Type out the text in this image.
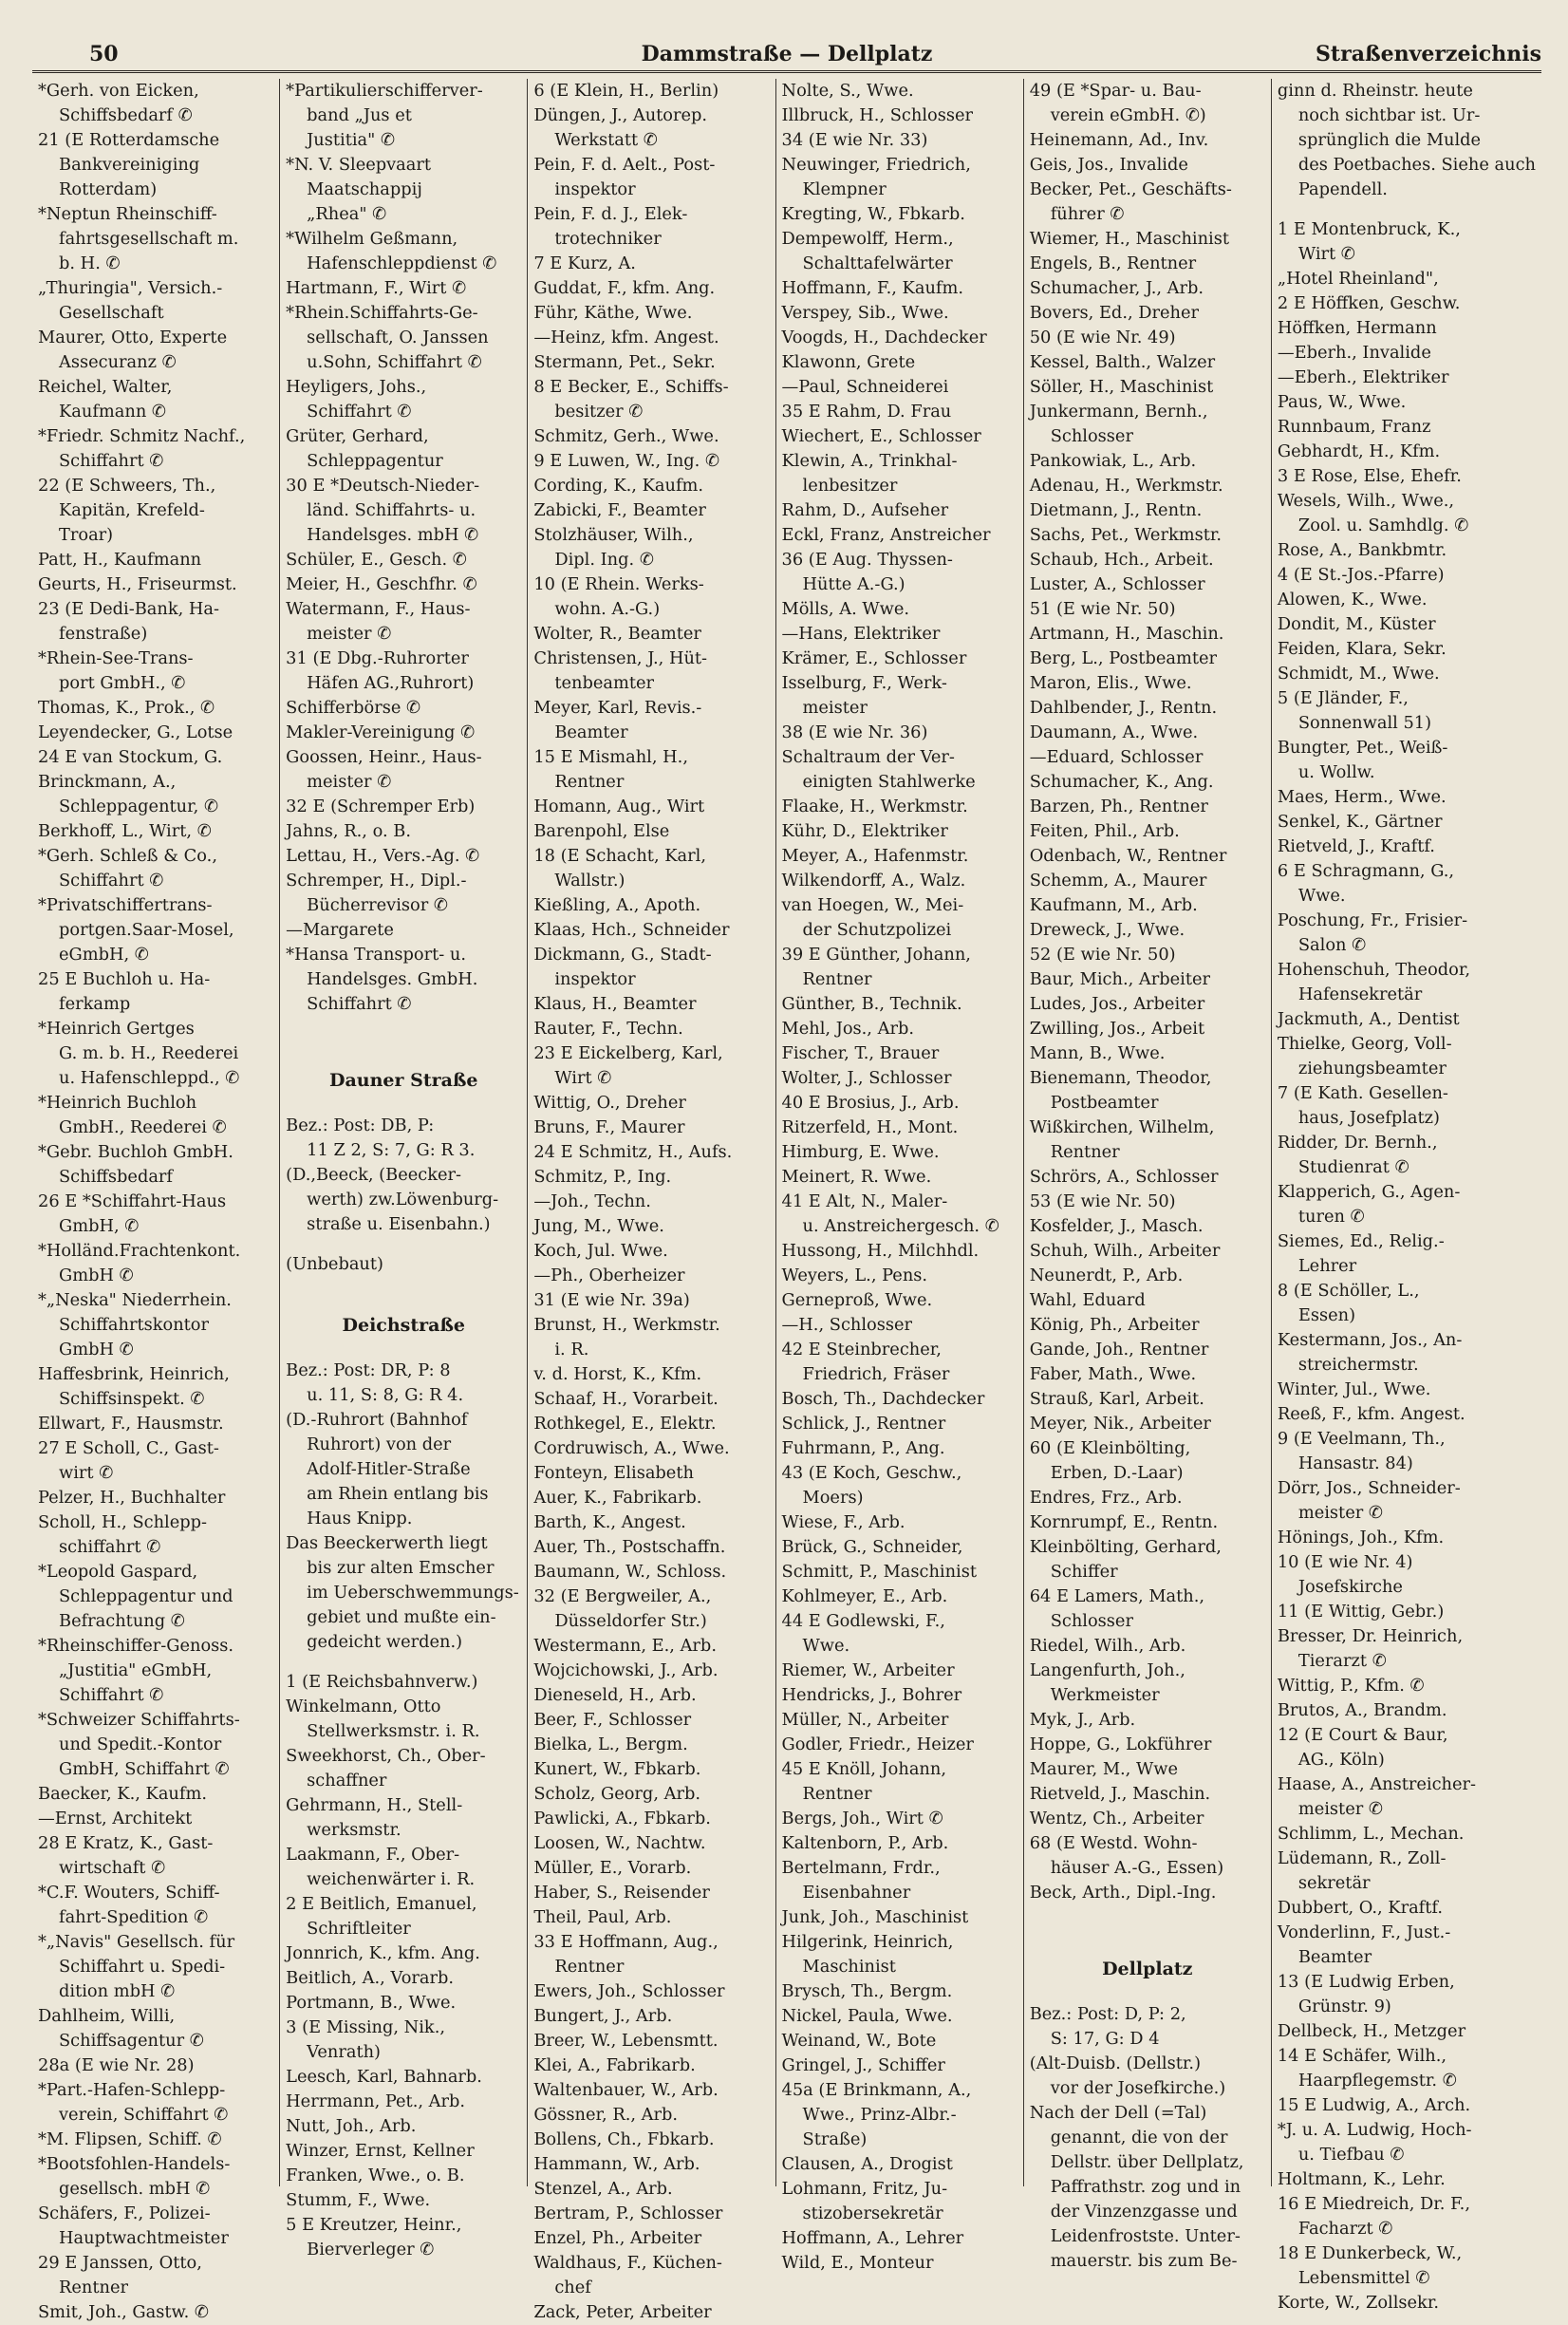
50	Dammstraße — Dellplatz	Straßenverzeichnis
*Gerh. von Eicken,
Schiffsbedarf ✆
21 (E Rotterdamsche
Bankvereiniging
Rotterdam)
*Neptun Rheinschiff-
fahrtsgesellschaft m.
b. H. ✆
„Thuringia", Versich.-
Gesellschaft
Maurer, Otto, Experte
Assecuranz ✆
Reichel, Walter,
Kaufmann ✆
*Friedr. Schmitz Nachf.,
Schiffahrt ✆
22 (E Schweers, Th.,
Kapitän, Krefeld-
Troar)
Patt, H., Kaufmann
Geurts, H., Friseurmst.
23 (E Dedi-Bank, Ha-
fenstraße)
*Rhein-See-Trans-
port GmbH., ✆
Thomas, K., Prok., ✆
Leyendecker, G., Lotse
24 E van Stockum, G.
Brinckmann, A.,
Schleppagentur, ✆
Berkhoff, L., Wirt, ✆
*Gerh. Schleß & Co.,
Schiffahrt ✆
*Privatschiffertrans-
portgen.Saar-Mosel,
eGmbH, ✆
25 E Buchloh u. Ha-
ferkamp
*Heinrich Gertges
G. m. b. H., Reederei
u. Hafenschleppd., ✆
*Heinrich Buchloh
GmbH., Reederei ✆
*Gebr. Buchloh GmbH.
Schiffsbedarf
26 E *Schiffahrt-Haus
GmbH, ✆
*Holländ.Frachtenkont.
GmbH ✆
*„Neska" Niederrhein.
Schiffahrtskontor
GmbH ✆
Haffesbrink, Heinrich,
Schiffsinspekt. ✆
Ellwart, F., Hausmstr.
27 E Scholl, C., Gast-
wirt ✆
Pelzer, H., Buchhalter
Scholl, H., Schlepp-
schiffahrt ✆
*Leopold Gaspard,
Schleppagentur und
Befrachtung ✆
*Rheinschiffer-Genoss.
„Justitia" eGmbH,
Schiffahrt ✆
*Schweizer Schiffahrts-
und Spedit.-Kontor
GmbH, Schiffahrt ✆
Baecker, K., Kaufm.
—Ernst, Architekt
28 E Kratz, K., Gast-
wirtschaft ✆
*C.F. Wouters, Schiff-
fahrt-Spedition ✆
*„Navis" Gesellsch. für
Schiffahrt u. Spedi-
dition mbH ✆
Dahlheim, Willi,
Schiffsagentur ✆
28a (E wie Nr. 28)
*Part.-Hafen-Schlepp-
verein, Schiffahrt ✆
*M. Flipsen, Schiff. ✆
*Bootsfohlen-Handels-
gesellsch. mbH ✆
Schäfers, F., Polizei-
Hauptwachtmeister
29 E Janssen, Otto,
Rentner
Smit, Joh., Gastw. ✆
*Partikulierschifferver-
band „Jus et
Justitia" ✆
*N. V. Sleepvaart
Maatschappij
„Rhea" ✆
*Wilhelm Geßmann,
Hafenschleppdienst ✆
Hartmann, F., Wirt ✆
*Rhein.Schiffahrts-Ge-
sellschaft, O. Janssen
u.Sohn, Schiffahrt ✆
Heyligers, Johs.,
Schiffahrt ✆
Grüter, Gerhard,
Schleppagentur
30 E *Deutsch-Nieder-
länd. Schiffahrts- u.
Handelsges. mbH ✆
Schüler, E., Gesch. ✆
Meier, H., Geschfhr. ✆
Watermann, F., Haus-
meister ✆
31 (E Dbg.-Ruhrorter
Häfen AG.,Ruhrort)
Schifferbörse ✆
Makler-Vereinigung ✆
Goossen, Heinr., Haus-
meister ✆
32 E (Schremper Erb)
Jahns, R., o. B.
Lettau, H., Vers.-Ag. ✆
Schremper, H., Dipl.-
Bücherrevisor ✆
—Margarete
*Hansa Transport- u.
Handelsges. GmbH.
Schiffahrt ✆
Dauner Straße
Bez.: Post: DB, P:
11 Z 2, S: 7, G: R 3.
(D.,Beeck, (Beecker-
werth) zw.Löwenburg-
straße u. Eisenbahn.)
(Unbebaut)
Deichstraße
Bez.: Post: DR, P: 8
u. 11, S: 8, G: R 4.
(D.-Ruhrort (Bahnhof
Ruhrort) von der
Adolf-Hitler-Straße
am Rhein entlang bis
Haus Knipp.
Das Beeckerwerth liegt
bis zur alten Emscher
im Ueberschwemmungs-
gebiet und mußte ein-
gedeicht werden.)
1 (E Reichsbahnverw.)
Winkelmann, Otto
Stellwerksmstr. i. R.
Sweekhorst, Ch., Ober-
schaffner
Gehrmann, H., Stell-
werksmstr.
Laakmann, F., Ober-
weichenwärter i. R.
2 E Beitlich, Emanuel,
Schriftleiter
Jonnrich, K., kfm. Ang.
Beitlich, A., Vorarb.
Portmann, B., Wwe.
3 (E Missing, Nik.,
Venrath)
Leesch, Karl, Bahnarb.
Herrmann, Pet., Arb.
Nutt, Joh., Arb.
Winzer, Ernst, Kellner
Franken, Wwe., o. B.
Stumm, F., Wwe.
5 E Kreutzer, Heinr.,
Bierverleger ✆
6 (E Klein, H., Berlin)
Düngen, J., Autorep.
Werkstatt ✆
Pein, F. d. Aelt., Post-
inspektor
Pein, F. d. J., Elek-
trotechniker
7 E Kurz, A.
Guddat, F., kfm. Ang.
Führ, Käthe, Wwe.
—Heinz, kfm. Angest.
Stermann, Pet., Sekr.
8 E Becker, E., Schiffs-
besitzer ✆
Schmitz, Gerh., Wwe.
9 E Luwen, W., Ing. ✆
Cording, K., Kaufm.
Zabicki, F., Beamter
Stolzhäuser, Wilh.,
Dipl. Ing. ✆
10 (E Rhein. Werks-
wohn. A.-G.)
Wolter, R., Beamter
Christensen, J., Hüt-
tenbeamter
Meyer, Karl, Revis.-
Beamter
15 E Mismahl, H.,
Rentner
Homann, Aug., Wirt
Barenpohl, Else
18 (E Schacht, Karl,
Wallstr.)
Kießling, A., Apoth.
Klaas, Hch., Schneider
Dickmann, G., Stadt-
inspektor
Klaus, H., Beamter
Rauter, F., Techn.
23 E Eickelberg, Karl,
Wirt ✆
Wittig, O., Dreher
Bruns, F., Maurer
24 E Schmitz, H., Aufs.
Schmitz, P., Ing.
—Joh., Techn.
Jung, M., Wwe.
Koch, Jul. Wwe.
—Ph., Oberheizer
31 (E wie Nr. 39a)
Brunst, H., Werkmstr.
i. R.
v. d. Horst, K., Kfm.
Schaaf, H., Vorarbeit.
Rothkegel, E., Elektr.
Cordruwisch, A., Wwe.
Fonteyn, Elisabeth
Auer, K., Fabrikarb.
Barth, K., Angest.
Auer, Th., Postschaffn.
Baumann, W., Schloss.
32 (E Bergweiler, A.,
Düsseldorfer Str.)
Westermann, E., Arb.
Wojcichowski, J., Arb.
Dieneseld, H., Arb.
Beer, F., Schlosser
Bielka, L., Bergm.
Kunert, W., Fbkarb.
Scholz, Georg, Arb.
Pawlicki, A., Fbkarb.
Loosen, W., Nachtw.
Müller, E., Vorarb.
Haber, S., Reisender
Theil, Paul, Arb.
33 E Hoffmann, Aug.,
Rentner
Ewers, Joh., Schlosser
Bungert, J., Arb.
Breer, W., Lebensmtt.
Klei, A., Fabrikarb.
Waltenbauer, W., Arb.
Gössner, R., Arb.
Bollens, Ch., Fbkarb.
Hammann, W., Arb.
Stenzel, A., Arb.
Bertram, P., Schlosser
Enzel, Ph., Arbeiter
Waldhaus, F., Küchen-
chef
Zack, Peter, Arbeiter
Nolte, S., Wwe.
Illbruck, H., Schlosser
34 (E wie Nr. 33)
Neuwinger, Friedrich,
Klempner
Kregting, W., Fbkarb.
Dempewolff, Herm.,
Schalttafelwärter
Hoffmann, F., Kaufm.
Verspey, Sib., Wwe.
Voogds, H., Dachdecker
Klawonn, Grete
—Paul, Schneiderei
35 E Rahm, D. Frau
Wiechert, E., Schlosser
Klewin, A., Trinkhal-
lenbesitzer
Rahm, D., Aufseher
Eckl, Franz, Anstreicher
36 (E Aug. Thyssen-
Hütte A.-G.)
Mölls, A. Wwe.
—Hans, Elektriker
Krämer, E., Schlosser
Isselburg, F., Werk-
meister
38 (E wie Nr. 36)
Schaltraum der Ver-
einigten Stahlwerke
Flaake, H., Werkmstr.
Kühr, D., Elektriker
Meyer, A., Hafenmstr.
Wilkendorff, A., Walz.
van Hoegen, W., Mei-
der Schutzpolizei
39 E Günther, Johann,
Rentner
Günther, B., Technik.
Mehl, Jos., Arb.
Fischer, T., Brauer
Wolter, J., Schlosser
40 E Brosius, J., Arb.
Ritzerfeld, H., Mont.
Himburg, E. Wwe.
Meinert, R. Wwe.
41 E Alt, N., Maler-
u. Anstreichergesch. ✆
Hussong, H., Milchhdl.
Weyers, L., Pens.
Gerneproß, Wwe.
—H., Schlosser
42 E Steinbrecher,
Friedrich, Fräser
Bosch, Th., Dachdecker
Schlick, J., Rentner
Fuhrmann, P., Ang.
43 (E Koch, Geschw.,
Moers)
Wiese, F., Arb.
Brück, G., Schneider,
Schmitt, P., Maschinist
Kohlmeyer, E., Arb.
44 E Godlewski, F.,
Wwe.
Riemer, W., Arbeiter
Hendricks, J., Bohrer
Müller, N., Arbeiter
Godler, Friedr., Heizer
45 E Knöll, Johann,
Rentner
Bergs, Joh., Wirt ✆
Kaltenborn, P., Arb.
Bertelmann, Frdr.,
Eisenbahner
Junk, Joh., Maschinist
Hilgerink, Heinrich,
Maschinist
Brysch, Th., Bergm.
Nickel, Paula, Wwe.
Weinand, W., Bote
Gringel, J., Schiffer
45a (E Brinkmann, A.,
Wwe., Prinz-Albr.-
Straße)
Clausen, A., Drogist
Lohmann, Fritz, Ju-
stizobersekretär
Hoffmann, A., Lehrer
Wild, E., Monteur
49 (E *Spar- u. Bau-
verein eGmbH. ✆)
Heinemann, Ad., Inv.
Geis, Jos., Invalide
Becker, Pet., Geschäfts-
führer ✆
Wiemer, H., Maschinist
Engels, B., Rentner
Schumacher, J., Arb.
Bovers, Ed., Dreher
50 (E wie Nr. 49)
Kessel, Balth., Walzer
Söller, H., Maschinist
Junkermann, Bernh.,
Schlosser
Pankowiak, L., Arb.
Adenau, H., Werkmstr.
Dietmann, J., Rentn.
Sachs, Pet., Werkmstr.
Schaub, Hch., Arbeit.
Luster, A., Schlosser
51 (E wie Nr. 50)
Artmann, H., Maschin.
Berg, L., Postbeamter
Maron, Elis., Wwe.
Dahlbender, J., Rentn.
Daumann, A., Wwe.
—Eduard, Schlosser
Schumacher, K., Ang.
Barzen, Ph., Rentner
Feiten, Phil., Arb.
Odenbach, W., Rentner
Schemm, A., Maurer
Kaufmann, M., Arb.
Dreweck, J., Wwe.
52 (E wie Nr. 50)
Baur, Mich., Arbeiter
Ludes, Jos., Arbeiter
Zwilling, Jos., Arbeit
Mann, B., Wwe.
Bienemann, Theodor,
Postbeamter
Wißkirchen, Wilhelm,
Rentner
Schrörs, A., Schlosser
53 (E wie Nr. 50)
Kosfelder, J., Masch.
Schuh, Wilh., Arbeiter
Neunerdt, P., Arb.
Wahl, Eduard
König, Ph., Arbeiter
Gande, Joh., Rentner
Faber, Math., Wwe.
Strauß, Karl, Arbeit.
Meyer, Nik., Arbeiter
60 (E Kleinbölting,
Erben, D.-Laar)
Endres, Frz., Arb.
Kornrumpf, E., Rentn.
Kleinbölting, Gerhard,
Schiffer
64 E Lamers, Math.,
Schlosser
Riedel, Wilh., Arb.
Langenfurth, Joh.,
Werkmeister
Myk, J., Arb.
Hoppe, G., Lokführer
Maurer, M., Wwe
Rietveld, J., Maschin.
Wentz, Ch., Arbeiter
68 (E Westd. Wohn-
häuser A.-G., Essen)
Beck, Arth., Dipl.-Ing.
Dellplatz
Bez.: Post: D, P: 2,
S: 17, G: D 4
(Alt-Duisb. (Dellstr.)
vor der Josefkirche.)
Nach der Dell (=Tal)
genannt, die von der
Dellstr. über Dellplatz,
Paffrathstr. zog und in
der Vinzenzgasse und
Leidenfrostste. Unter-
mauerstr. bis zum Be-
ginn d. Rheinstr. heute
noch sichtbar ist. Ur-
sprünglich die Mulde
des Poetbaches. Siehe auch
Papendell.
1 E Montenbruck, K.,
Wirt ✆
„Hotel Rheinland",
2 E Höffken, Geschw.
Höffken, Hermann
—Eberh., Invalide
—Eberh., Elektriker
Paus, W., Wwe.
Runnbaum, Franz
Gebhardt, H., Kfm.
3 E Rose, Else, Ehefr.
Wesels, Wilh., Wwe.,
Zool. u. Samhdlg. ✆
Rose, A., Bankbmtr.
4 (E St.-Jos.-Pfarre)
Alowen, K., Wwe.
Dondit, M., Küster
Feiden, Klara, Sekr.
Schmidt, M., Wwe.
5 (E Jländer, F.,
Sonnenwall 51)
Bungter, Pet., Weiß-
u. Wollw.
Maes, Herm., Wwe.
Senkel, K., Gärtner
Rietveld, J., Kraftf.
6 E Schragmann, G.,
Wwe.
Poschung, Fr., Frisier-
Salon ✆
Hohenschuh, Theodor,
Hafensekretär
Jackmuth, A., Dentist
Thielke, Georg, Voll-
ziehungsbeamter
7 (E Kath. Gesellen-
haus, Josefplatz)
Ridder, Dr. Bernh.,
Studienrat ✆
Klapperich, G., Agen-
turen ✆
Siemes, Ed., Relig.-
Lehrer
8 (E Schöller, L.,
Essen)
Kestermann, Jos., An-
streichermstr.
Winter, Jul., Wwe.
Reeß, F., kfm. Angest.
9 (E Veelmann, Th.,
Hansastr. 84)
Dörr, Jos., Schneider-
meister ✆
Hönings, Joh., Kfm.
10 (E wie Nr. 4)
Josefskirche
11 (E Wittig, Gebr.)
Bresser, Dr. Heinrich,
Tierarzt ✆
Wittig, P., Kfm. ✆
Brutos, A., Brandm.
12 (E Court & Baur,
AG., Köln)
Haase, A., Anstreicher-
meister ✆
Schlimm, L., Mechan.
Lüdemann, R., Zoll-
sekretär
Dubbert, O., Kraftf.
Vonderlinn, F., Just.-
Beamter
13 (E Ludwig Erben,
Grünstr. 9)
Dellbeck, H., Metzger
14 E Schäfer, Wilh.,
Haarpflegemstr. ✆
15 E Ludwig, A., Arch.
*J. u. A. Ludwig, Hoch-
u. Tiefbau ✆
Holtmann, K., Lehr.
16 E Miedreich, Dr. F.,
Facharzt ✆
18 E Dunkerbeck, W.,
Lebensmittel ✆
Korte, W., Zollsekr.
